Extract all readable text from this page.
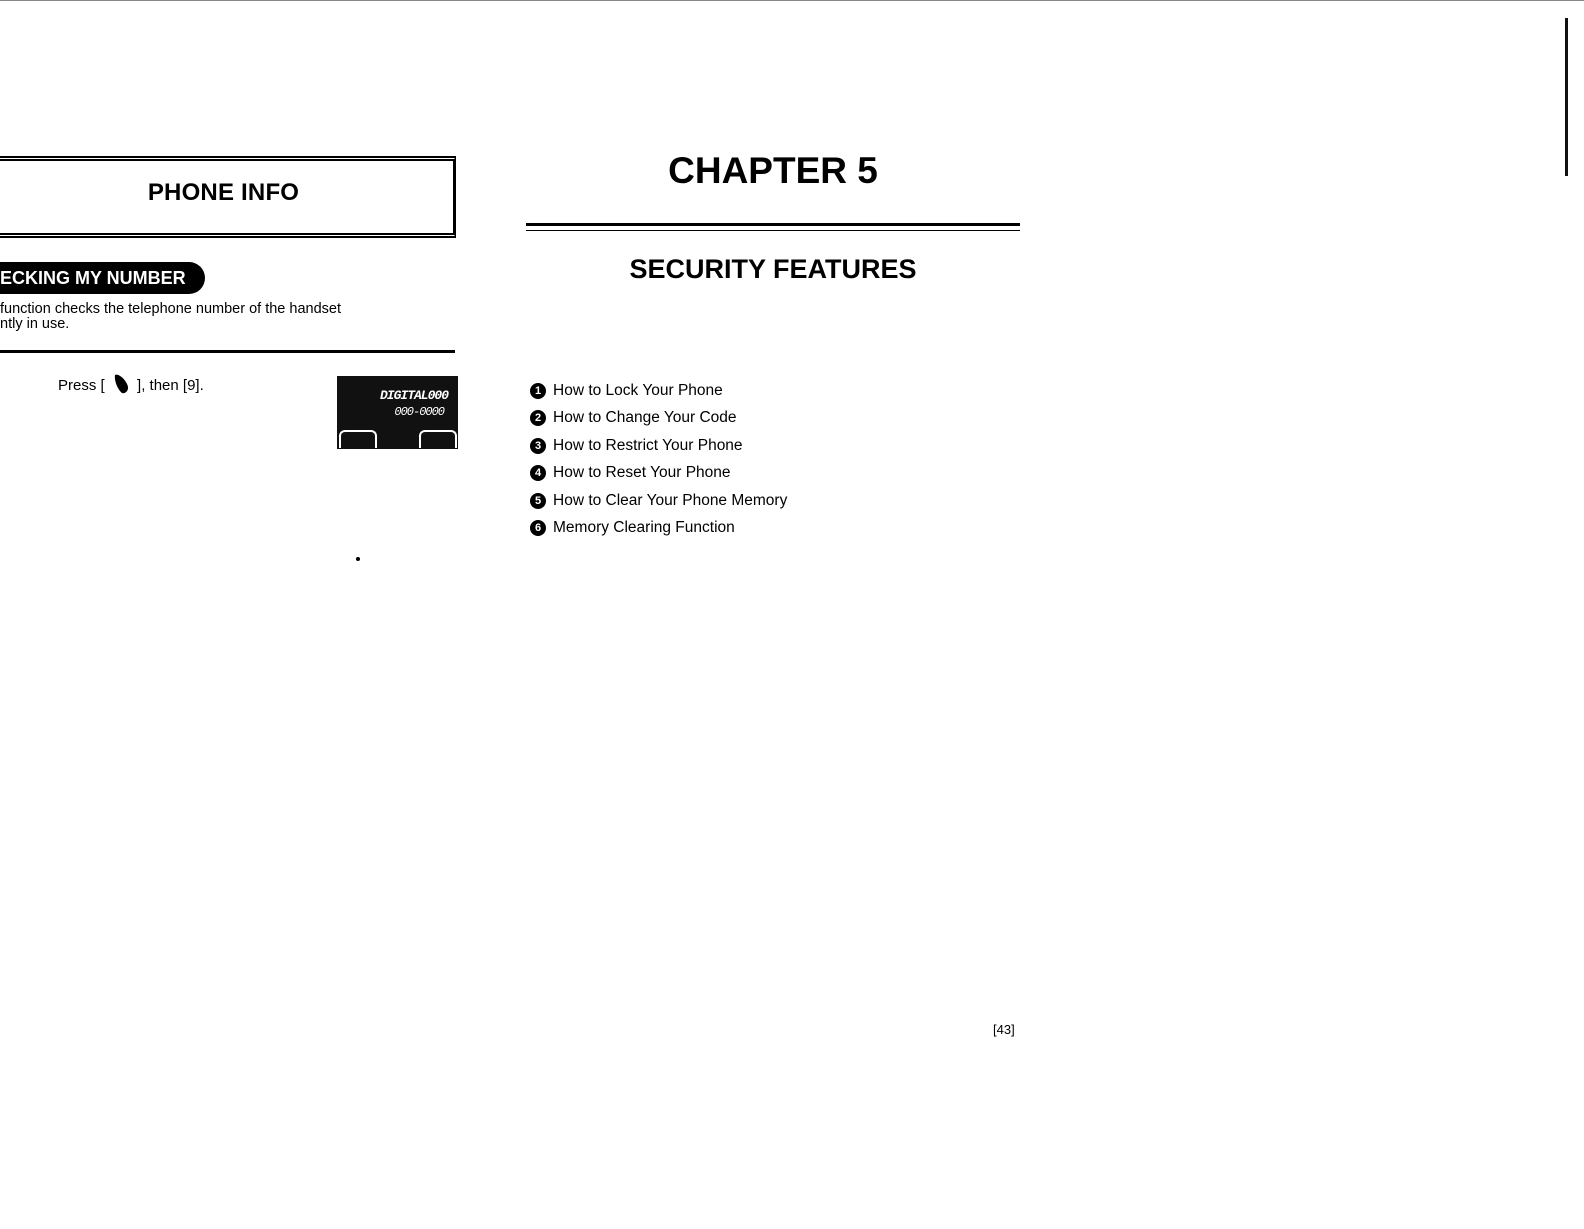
PHONE INFO
ECKING MY NUMBER
function checks the telephone number of the handset
ntly in use.
Press [ ], then [9].
DIGITAL000
000-0000
CHAPTER 5
SECURITY FEATURES
1 How to Lock Your Phone
2 How to Change Your Code
3 How to Restrict Your Phone
4 How to Reset Your Phone
5 How to Clear Your Phone Memory
6 Memory Clearing Function
[43]
